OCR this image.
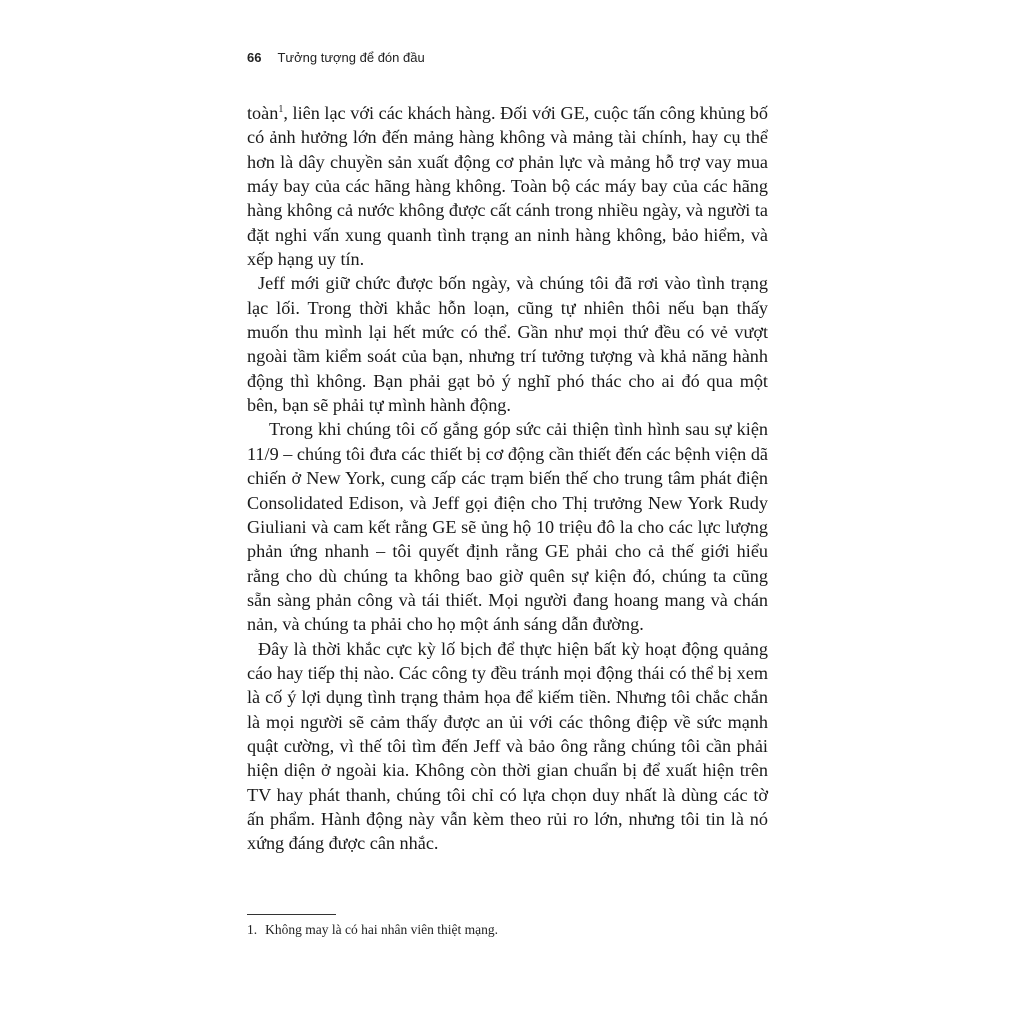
66 Tưởng tượng để đón đầu

toàn$^1$, liên lạc với các khách hàng. Đối với GE, cuộc tấn công khủng bố có ảnh hưởng lớn đến mảng hàng không và mảng tài chính, hay cụ thể hơn là dây chuyền sản xuất động cơ phản lực và mảng hỗ trợ vay mua máy bay của các hãng hàng không. Toàn bộ các máy bay của các hãng hàng không cả nước không được cất cánh trong nhiều ngày, và người ta đặt nghi vấn xung quanh tình trạng an ninh hàng không, bảo hiểm, và xếp hạng uy tín.

Jeff mới giữ chức được bốn ngày, và chúng tôi đã rơi vào tình trạng lạc lối. Trong thời khắc hỗn loạn, cũng tự nhiên thôi nếu bạn thấy muốn thu mình lại hết mức có thể. Gần như mọi thứ đều có vẻ vượt ngoài tầm kiểm soát của bạn, nhưng trí tưởng tượng và khả năng hành động thì không. Bạn phải gạt bỏ ý nghĩ phó thác cho ai đó qua một bên, bạn sẽ phải tự mình hành động.

Trong khi chúng tôi cố gắng góp sức cải thiện tình hình sau sự kiện 11/9 – chúng tôi đưa các thiết bị cơ động cần thiết đến các bệnh viện dã chiến ở New York, cung cấp các trạm biến thế cho trung tâm phát điện Consolidated Edison, và Jeff gọi điện cho Thị trưởng New York Rudy Giuliani và cam kết rằng GE sẽ ủng hộ 10 triệu đô la cho các lực lượng phản ứng nhanh – tôi quyết định rằng GE phải cho cả thế giới hiểu rằng cho dù chúng ta không bao giờ quên sự kiện đó, chúng ta cũng sẵn sàng phản công và tái thiết. Mọi người đang hoang mang và chán nản, và chúng ta phải cho họ một ánh sáng dẫn đường.

Đây là thời khắc cực kỳ lố bịch để thực hiện bất kỳ hoạt động quảng cáo hay tiếp thị nào. Các công ty đều tránh mọi động thái có thể bị xem là cố ý lợi dụng tình trạng thảm họa để kiếm tiền. Nhưng tôi chắc chắn là mọi người sẽ cảm thấy được an ủi với các thông điệp về sức mạnh quật cường, vì thế tôi tìm đến Jeff và bảo ông rằng chúng tôi cần phải hiện diện ở ngoài kia. Không còn thời gian chuẩn bị để xuất hiện trên TV hay phát thanh, chúng tôi chỉ có lựa chọn duy nhất là dùng các tờ ấn phẩm. Hành động này vẫn kèm theo rủi ro lớn, nhưng tôi tin là nó xứng đáng được cân nhắc.

1. Không may là có hai nhân viên thiệt mạng.
